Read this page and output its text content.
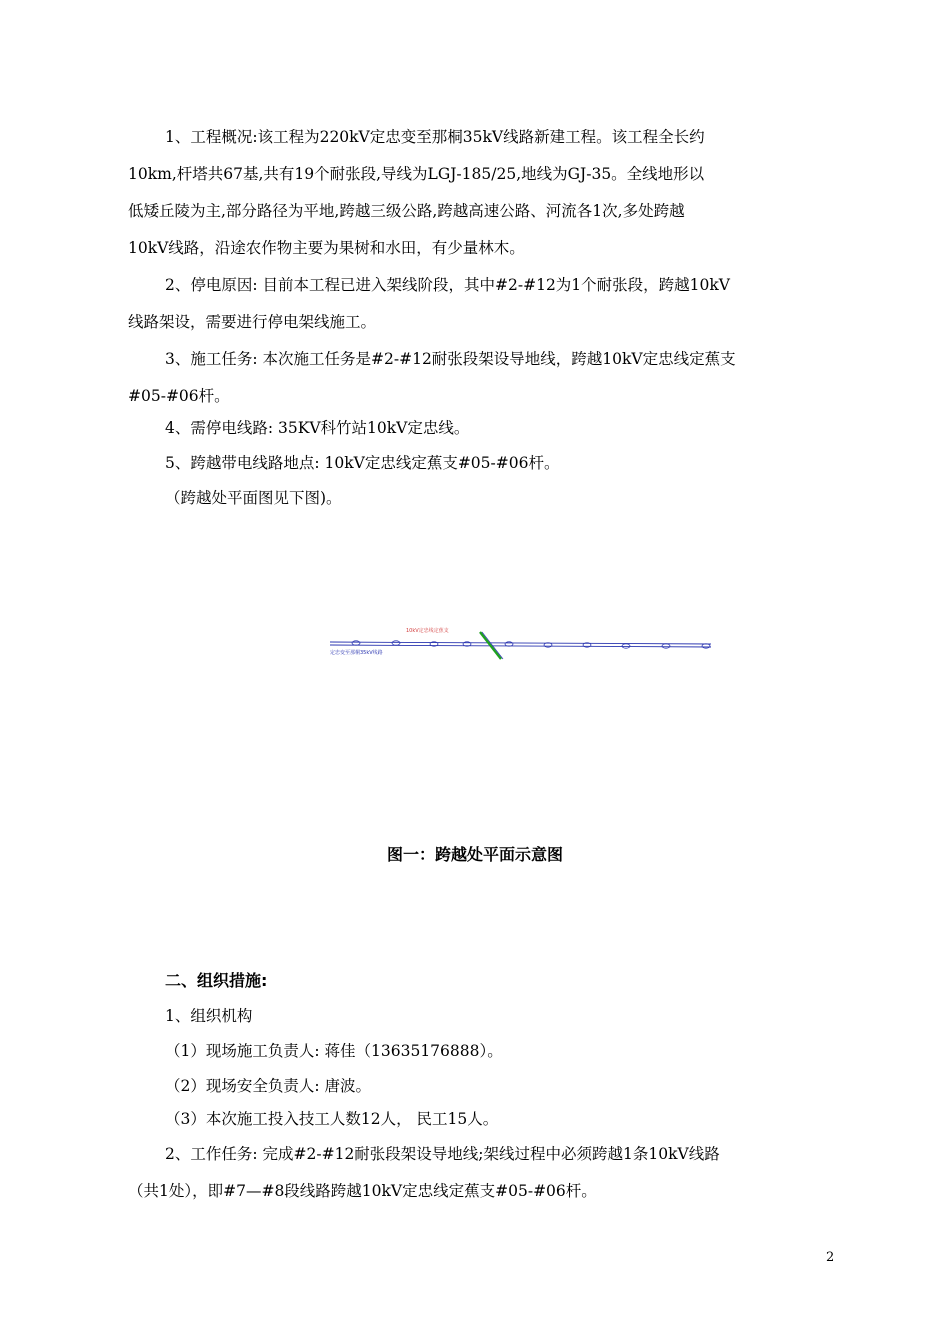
1、工程概况:该工程为220kV定忠变至那桐35kV线路新建工程。该工程全长约
10km,杆塔共67基,共有19个耐张段,导线为LGJ-185/25,地线为GJ-35。全线地形以
低矮丘陵为主,部分路径为平地,跨越三级公路,跨越高速公路、河流各1次,多处跨越
10kV线路，沿途农作物主要为果树和水田，有少量林木。
2、停电原因: 目前本工程已进入架线阶段，其中#2-#12为1个耐张段，跨越10kV
线路架设，需要进行停电架线施工。
3、施工任务: 本次施工任务是#2-#12耐张段架设导地线，跨越10kV定忠线定蕉支
#05-#06杆。
4、需停电线路: 35KV科竹站10kV定忠线。
5、跨越带电线路地点: 10kV定忠线定蕉支#05-#06杆。
（跨越处平面图见下图)。
10kV定忠线定蕉支
定忠变至那桐35kV线路
图一：跨越处平面示意图
二、组织措施:
1、组织机构
（1）现场施工负责人: 蒋佳（13635176888）。
（2）现场安全负责人: 唐波。
（3）本次施工投入技工人数12人， 民工15人。
2、工作任务: 完成#2-#12耐张段架设导地线;架线过程中必须跨越1条10kV线路
（共1处），即#7—#8段线路跨越10kV定忠线定蕉支#05-#06杆。
2
